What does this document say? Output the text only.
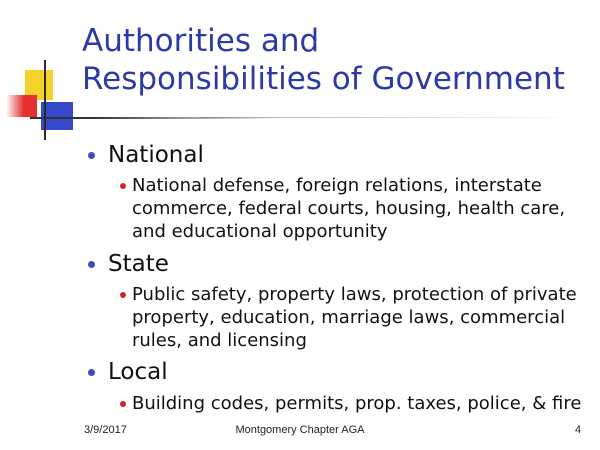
Authorities and
Responsibilities of Government
National
National defense, foreign relations, interstate
commerce, federal courts, housing, health care,
and educational opportunity
State
Public safety, property laws, protection of private
property, education, marriage laws, commercial
rules, and licensing
Local
Building codes, permits, prop. taxes, police, & fire
3/9/2017	Montgomery Chapter AGA	4
